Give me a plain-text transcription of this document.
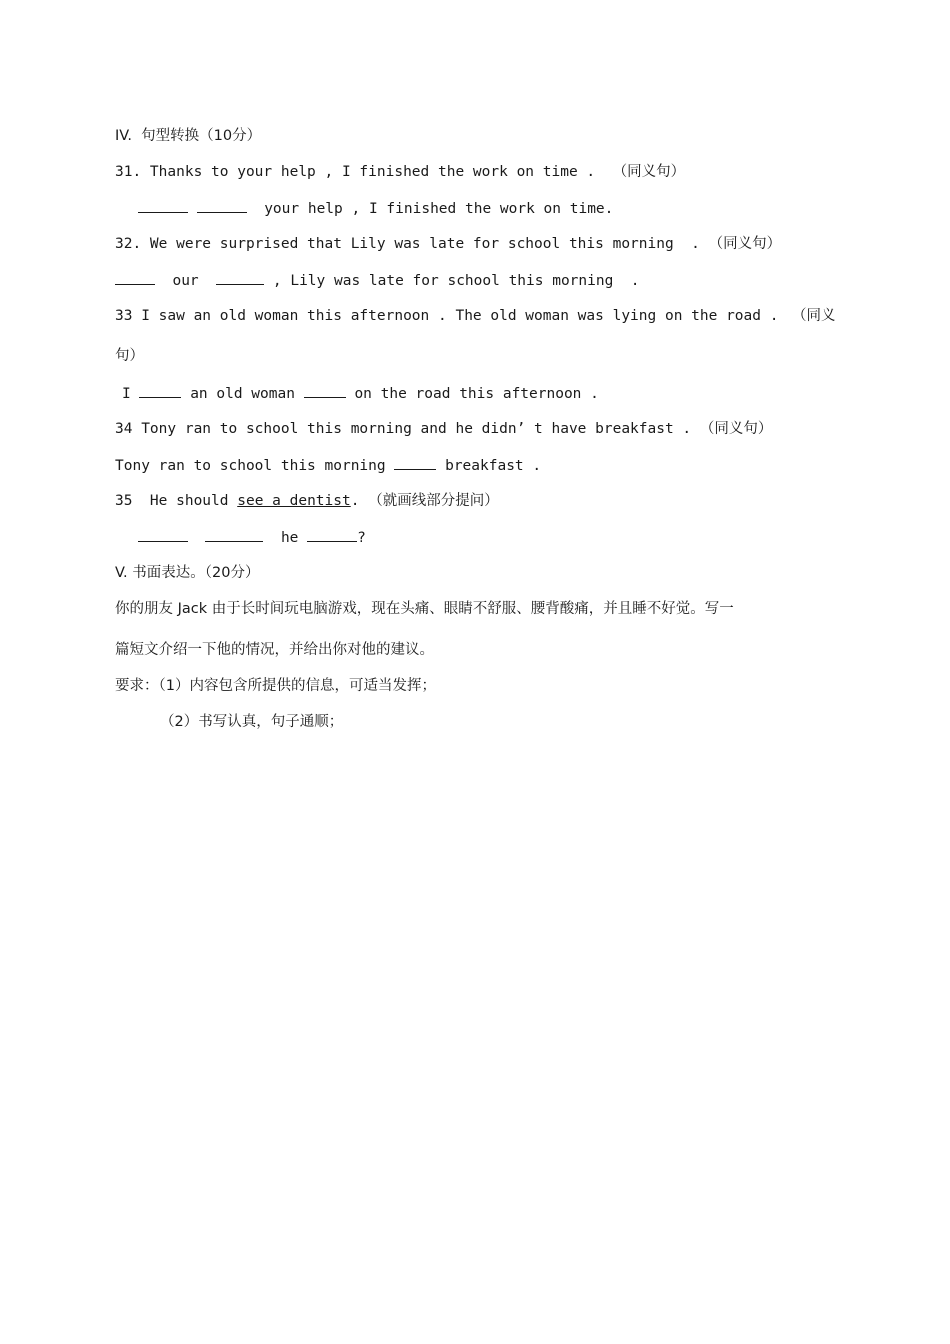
IV.  句型转换（10分）
31. Thanks to your help , I finished the work on time . （同义句）
your help , I finished the work on time.
32. We were surprised that Lily was late for school this morning  . （同义句）
our	, Lily was late for school this morning  .
33 I saw an old woman this afternoon . The old woman was lying on the road . （同义
句）
I	an old woman	on the road this afternoon .
34 Tony ran to school this morning and he didn’ t have breakfast . （同义句）
Tony ran to school this morning	breakfast .
35  He should see a dentist. （就画线部分提问）
he	?
V. 书面表达。（20分）
你的朋友 Jack 由于长时间玩电脑游戏，现在头痛、眼睛不舒服、腰背酸痛，并且睡不好觉。写一
篇短文介绍一下他的情况，并给出你对他的建议。
要求：（1）内容包含所提供的信息，可适当发挥；
（2）书写认真，句子通顺；
